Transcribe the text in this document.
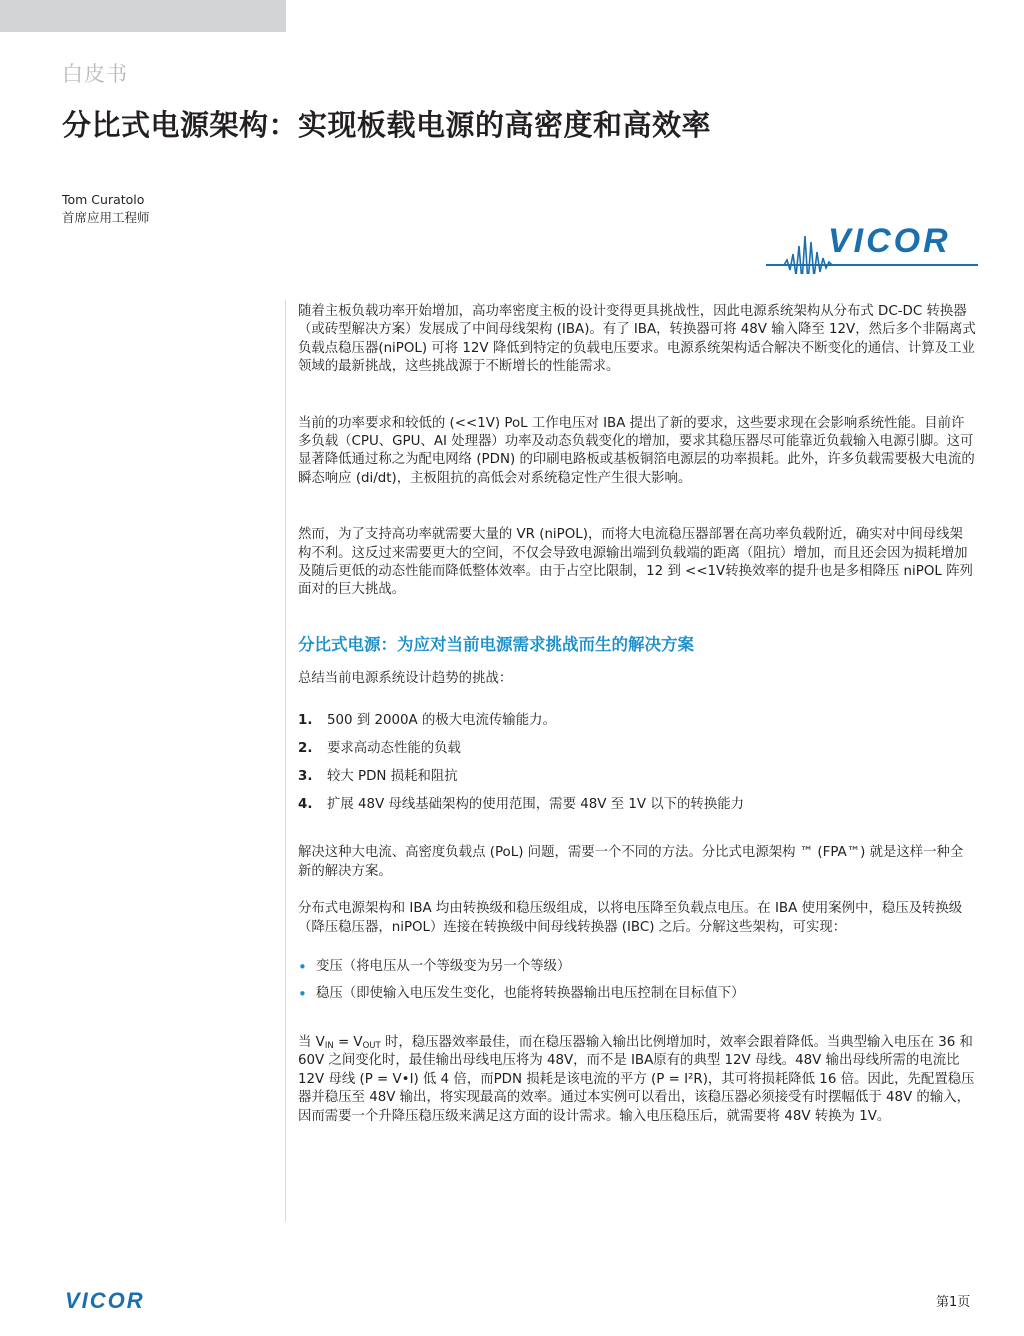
白皮书
分比式电源架构：实现板载电源的高密度和高效率
Tom Curatolo
首席应用工程师
VICOR

随着主板负载功率开始增加，高功率密度主板的设计变得更具挑战性，因此电源系统架构从分布式 DC-DC 转换器（或砖型解决方案）发展成了中间母线架构 (IBA)。有了 IBA，转换器可将 48V 输入降至 12V，然后多个非隔离式负载点稳压器(niPOL) 可将 12V 降低到特定的负载电压要求。电源系统架构适合解决不断变化的通信、计算及工业领域的最新挑战，这些挑战源于不断增长的性能需求。

当前的功率要求和较低的 (<<1V) PoL 工作电压对 IBA 提出了新的要求，这些要求现在会影响系统性能。目前许多负载（CPU、GPU、AI 处理器）功率及动态负载变化的增加，要求其稳压器尽可能靠近负载输入电源引脚。这可显著降低通过称之为配电网络 (PDN) 的印刷电路板或基板铜箔电源层的功率损耗。此外，许多负载需要极大电流的瞬态响应 (di/dt)，主板阻抗的高低会对系统稳定性产生很大影响。

然而，为了支持高功率就需要大量的 VR (niPOL)，而将大电流稳压器部署在高功率负载附近，确实对中间母线架构不利。这反过来需要更大的空间，不仅会导致电源输出端到负载端的距离（阻抗）增加，而且还会因为损耗增加及随后更低的动态性能而降低整体效率。由于占空比限制，12 到 <<1V转换效率的提升也是多相降压 niPOL 阵列面对的巨大挑战。

分比式电源：为应对当前电源需求挑战而生的解决方案

总结当前电源系统设计趋势的挑战：

1.	500 到 2000A 的极大电流传输能力。
2.	要求高动态性能的负载
3.	较大 PDN 损耗和阻抗
4.	扩展 48V 母线基础架构的使用范围，需要 48V 至 1V 以下的转换能力

解决这种大电流、高密度负载点 (PoL) 问题，需要一个不同的方法。分比式电源架构 ™ (FPA™) 就是这样一种全新的解决方案。

分布式电源架构和 IBA 均由转换级和稳压级组成，以将电压降至负载点电压。在 IBA 使用案例中，稳压及转换级（降压稳压器，niPOL）连接在转换级中间母线转换器 (IBC) 之后。分解这些架构，可实现：

• 变压（将电压从一个等级变为另一个等级）
• 稳压（即使输入电压发生变化，也能将转换器输出电压控制在目标值下）

当 $V_{IN} = V_{OUT}$ 时，稳压器效率最佳，而在稳压器输入输出比例增加时，效率会跟着降低。当典型输入电压在 36 和 60V 之间变化时，最佳输出母线电压将为 48V，而不是 IBA原有的典型 12V 母线。48V 输出母线所需的电流比 12V 母线 (P = V•I) 低 4 倍，而PDN 损耗是该电流的平方 (P = I²R)，其可将损耗降低 16 倍。因此，先配置稳压器并稳压至 48V 输出，将实现最高的效率。通过本实例可以看出，该稳压器必须接受有时摆幅低于 48V 的输入，因而需要一个升降压稳压级来满足这方面的设计需求。输入电压稳压后，就需要将 48V 转换为 1V。

VICOR	第1页
